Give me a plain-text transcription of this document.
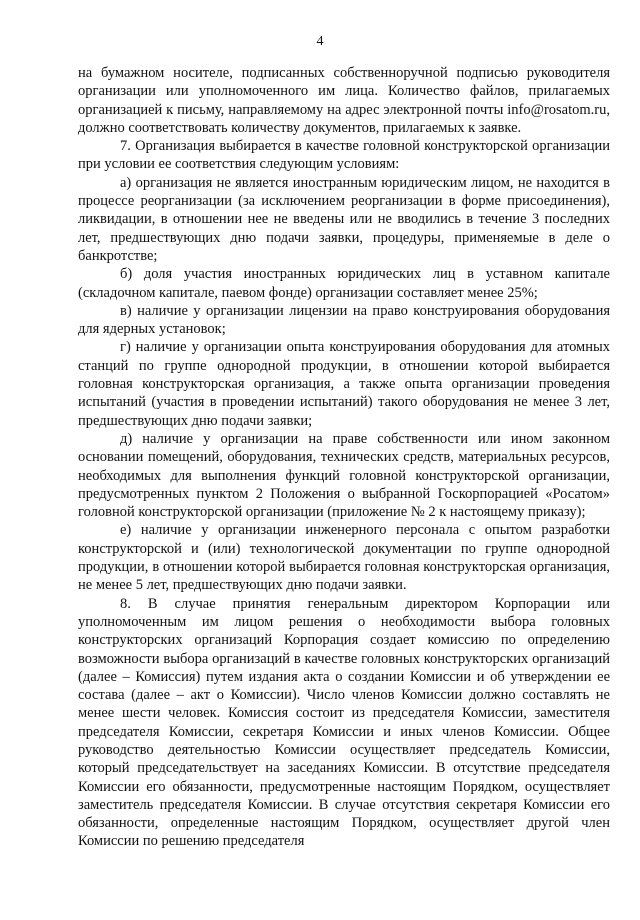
4

на бумажном носителе, подписанных собственноручной подписью руководителя организации или уполномоченного им лица. Количество файлов, прилагаемых организацией к письму, направляемому на адрес электронной почты info@rosatom.ru, должно соответствовать количеству документов, прилагаемых к заявке.

7. Организация выбирается в качестве головной конструкторской организации при условии ее соответствия следующим условиям:

а) организация не является иностранным юридическим лицом, не находится в процессе реорганизации (за исключением реорганизации в форме присоединения), ликвидации, в отношении нее не введены или не вводились в течение 3 последних лет, предшествующих дню подачи заявки, процедуры, применяемые в деле о банкротстве;

б) доля участия иностранных юридических лиц в уставном капитале (складочном капитале, паевом фонде) организации составляет менее 25%;

в) наличие у организации лицензии на право конструирования оборудования для ядерных установок;

г) наличие у организации опыта конструирования оборудования для атомных станций по группе однородной продукции, в отношении которой выбирается головная конструкторская организация, а также опыта организации проведения испытаний (участия в проведении испытаний) такого оборудования не менее 3 лет, предшествующих дню подачи заявки;

д) наличие у организации на праве собственности или ином законном основании помещений, оборудования, технических средств, материальных ресурсов, необходимых для выполнения функций головной конструкторской организации, предусмотренных пунктом 2 Положения о выбранной Госкорпорацией «Росатом» головной конструкторской организации (приложение № 2 к настоящему приказу);

е) наличие у организации инженерного персонала с опытом разработки конструкторской и (или) технологической документации по группе однородной продукции, в отношении которой выбирается головная конструкторская организация, не менее 5 лет, предшествующих дню подачи заявки.

8. В случае принятия генеральным директором Корпорации или уполномоченным им лицом решения о необходимости выбора головных конструкторских организаций Корпорация создает комиссию по определению возможности выбора организаций в качестве головных конструкторских организаций (далее – Комиссия) путем издания акта о создании Комиссии и об утверждении ее состава (далее – акт о Комиссии). Число членов Комиссии должно составлять не менее шести человек. Комиссия состоит из председателя Комиссии, заместителя председателя Комиссии, секретаря Комиссии и иных членов Комиссии. Общее руководство деятельностью Комиссии осуществляет председатель Комиссии, который председательствует на заседаниях Комиссии. В отсутствие председателя Комиссии его обязанности, предусмотренные настоящим Порядком, осуществляет заместитель председателя Комиссии. В случае отсутствия секретаря Комиссии его обязанности, определенные настоящим Порядком, осуществляет другой член Комиссии по решению председателя
